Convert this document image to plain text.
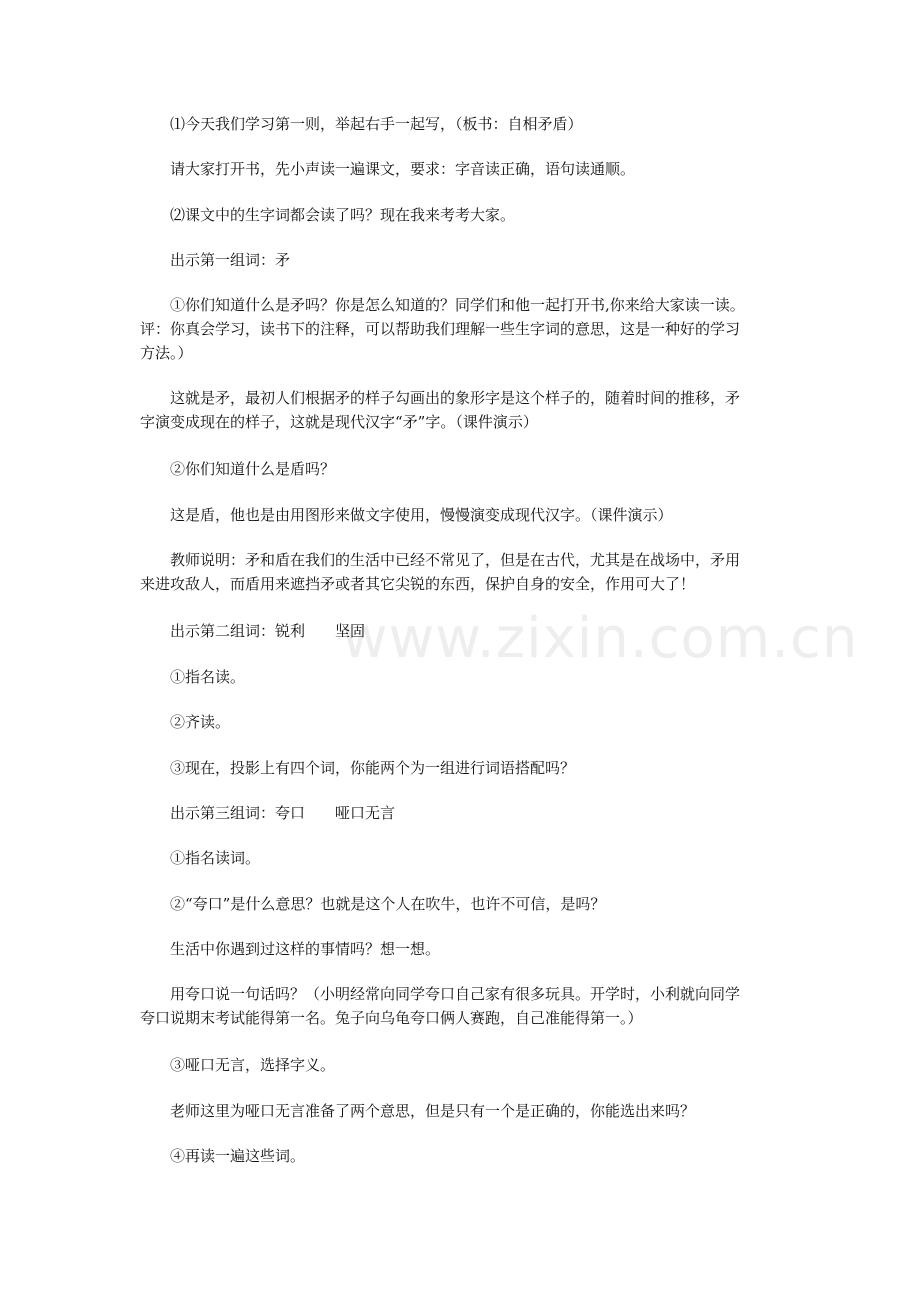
www.zixin.com.cn
⑴今天我们学习第一则，举起右手一起写，（板书：自相矛盾）
请大家打开书，先小声读一遍课文，要求：字音读正确，语句读通顺。
⑵课文中的生字词都会读了吗？现在我来考考大家。
出示第一组词：矛
①你们知道什么是矛吗？你是怎么知道的？同学们和他一起打开书,你来给大家读一读。
评：你真会学习，读书下的注释，可以帮助我们理解一些生字词的意思，这是一种好的学习
方法。）
这就是矛，最初人们根据矛的样子勾画出的象形字是这个样子的，随着时间的推移，矛
字演变成现在的样子，这就是现代汉字“矛”字。（课件演示）
②你们知道什么是盾吗？
这是盾，他也是由用图形来做文字使用，慢慢演变成现代汉字。（课件演示）
教师说明：矛和盾在我们的生活中已经不常见了，但是在古代，尤其是在战场中，矛用
来进攻敌人，而盾用来遮挡矛或者其它尖锐的东西，保护自身的安全，作用可大了！
出示第二组词：锐利　　坚固
①指名读。
②齐读。
③现在，投影上有四个词，你能两个为一组进行词语搭配吗？
出示第三组词：夸口　　哑口无言
①指名读词。
②“夸口”是什么意思？也就是这个人在吹牛，也许不可信，是吗？
生活中你遇到过这样的事情吗？想一想。
用夸口说一句话吗？（小明经常向同学夸口自己家有很多玩具。开学时，小利就向同学
夸口说期末考试能得第一名。兔子向乌龟夸口俩人赛跑，自己准能得第一。）
③哑口无言，选择字义。
老师这里为哑口无言准备了两个意思，但是只有一个是正确的，你能选出来吗？
④再读一遍这些词。
